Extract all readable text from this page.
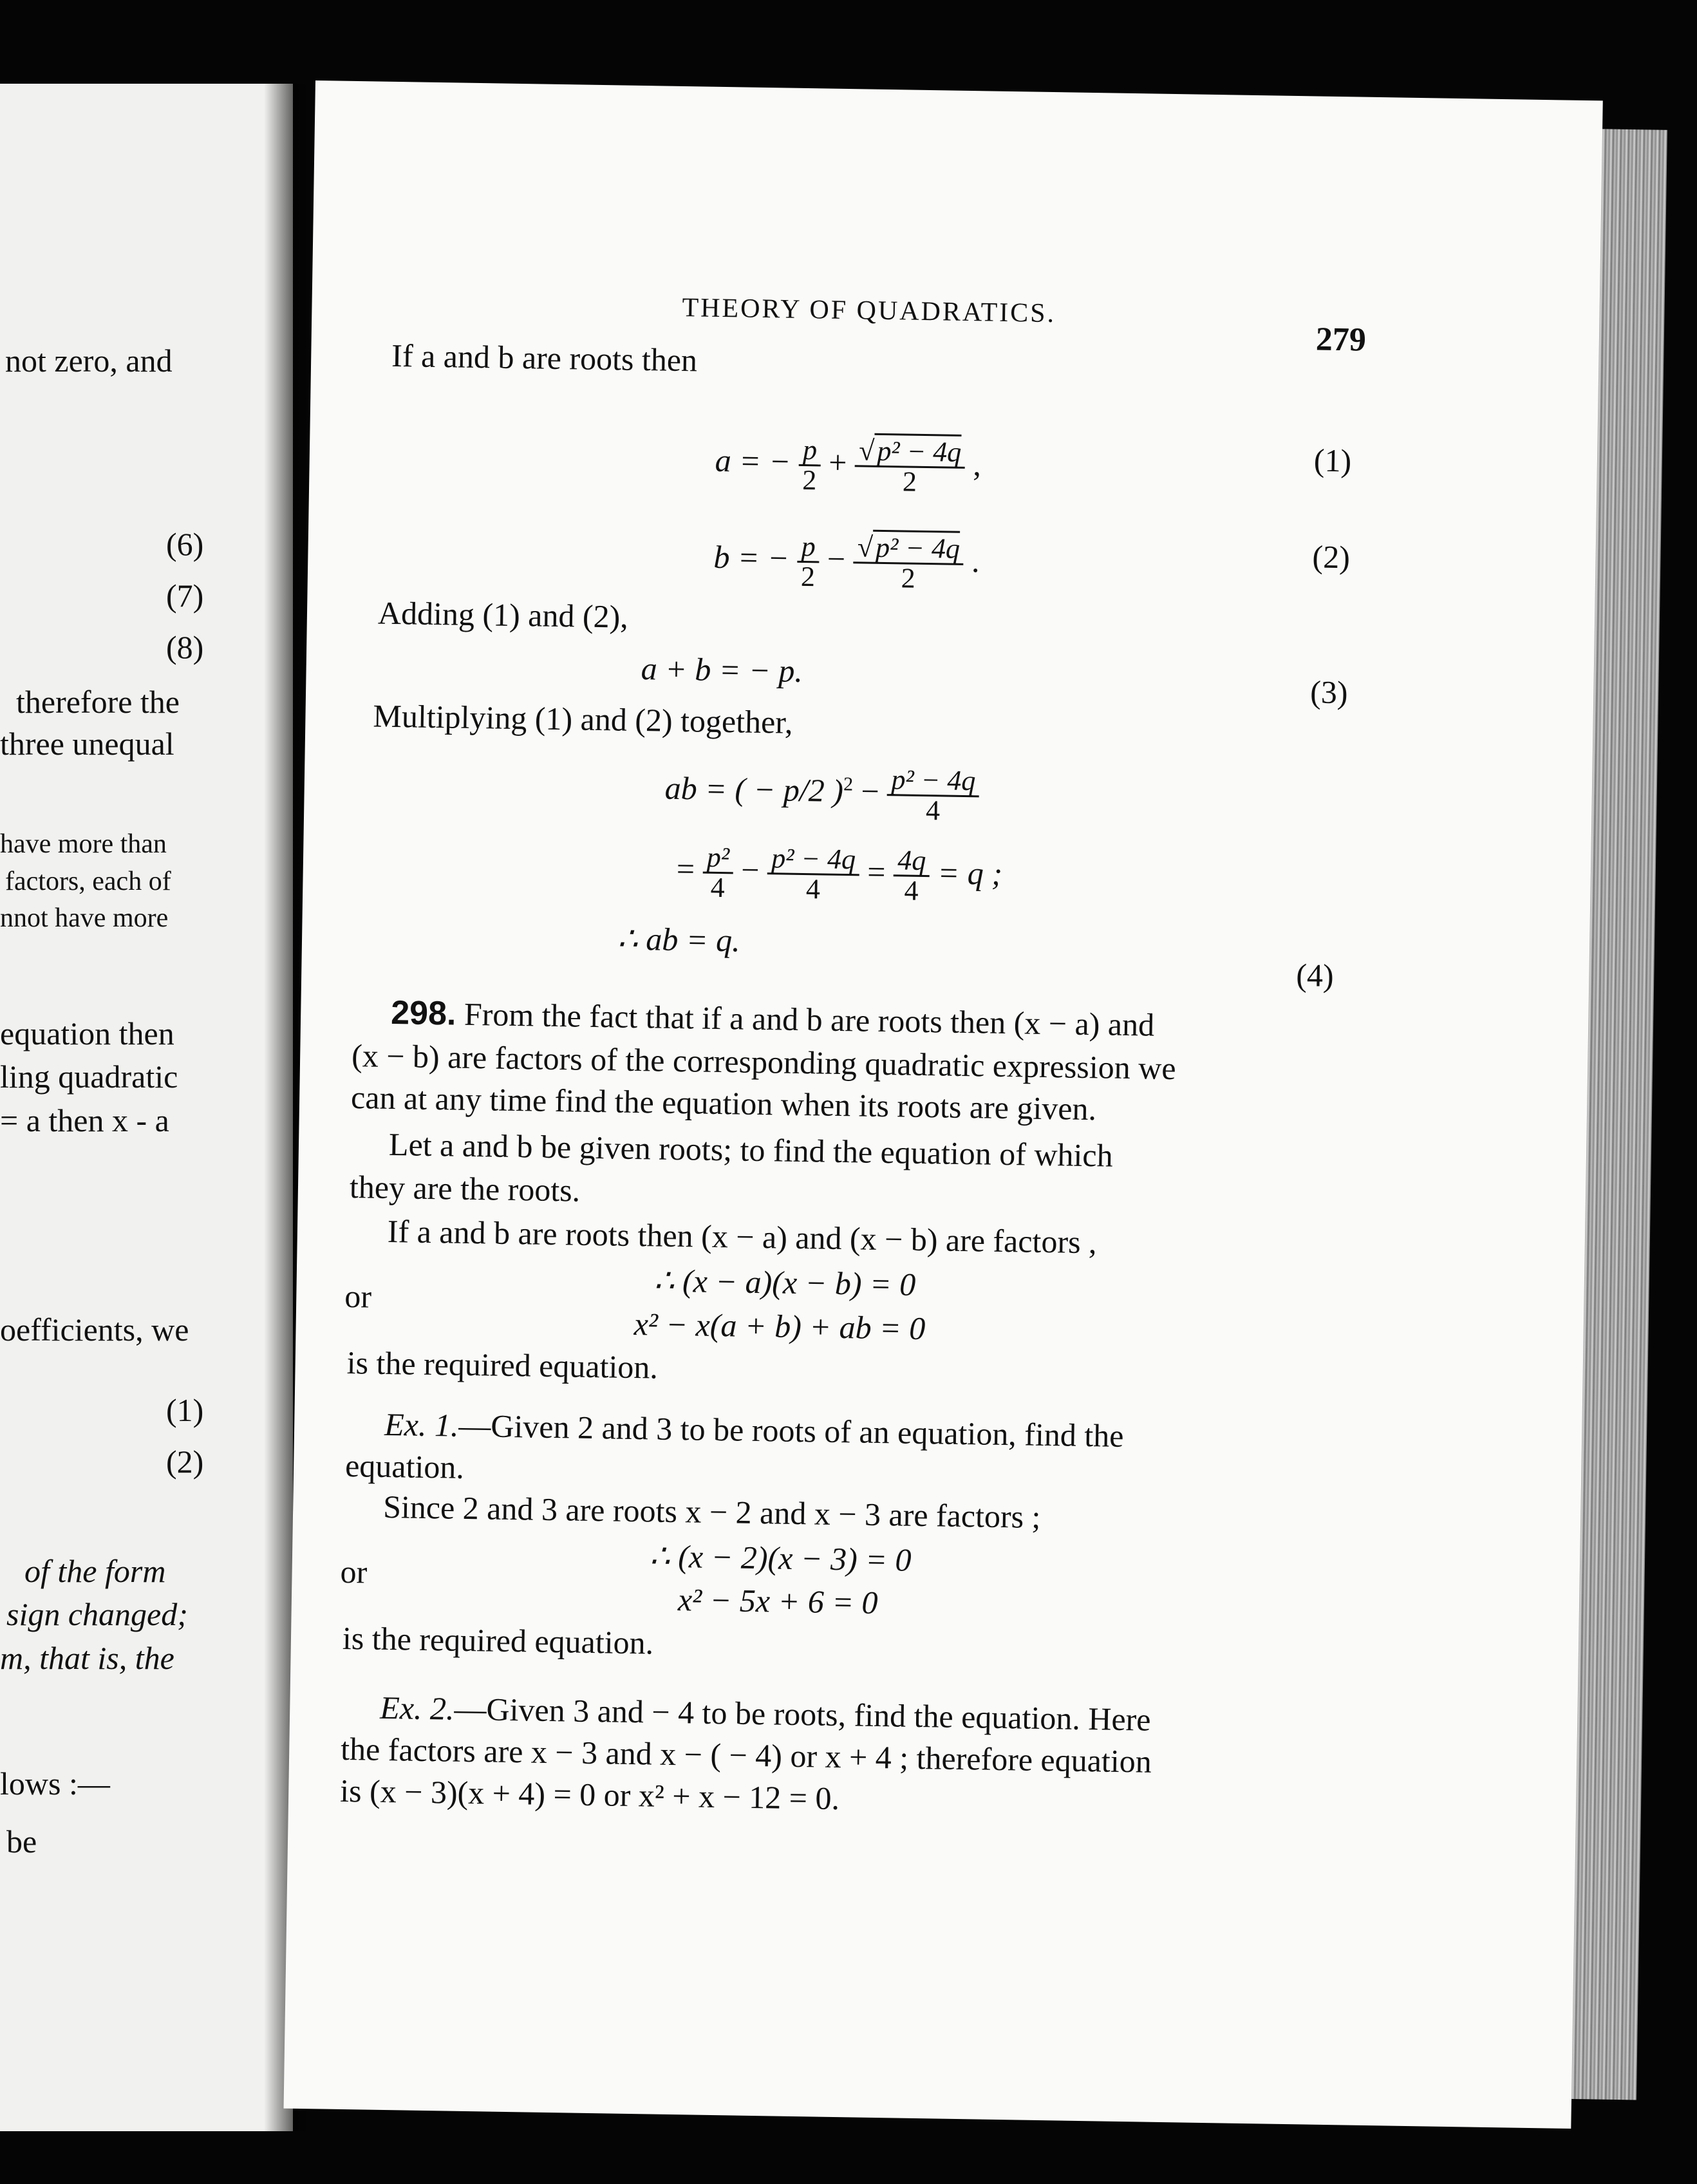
not zero, and
(6)
(7)
(8)
therefore the
three unequal
have more than
factors, each of
nnot have more
equation then
ling quadratic
= a then x - a
oefficients, we
(1)
(2)
of the form
sign changed;
m, that is, the
lows :—
be
THEORY OF QUADRATICS.
279
If a and b are roots then
a = − $\frac{p}{2} + \frac{\text{√p² − 4q}}{2}$ ,	(1)
b = − $\frac{p}{2} - \frac{\text{√p² − 4q}}{2}$ .	(2)
Adding (1) and (2),
a + b = − p.
(3)
Multiplying (1) and (2) together,
ab = ( − p/2 )$^2 - \frac{\text{p² − 4q}}{4}$
= $\frac{\text{p²}}{4} - \frac{\text{p² − 4q}}{4} = \frac{4q}{4} = q$ ;
∴ ab = q.
(4)
298. From the fact that if a and b are roots then (x − a) and
(x − b) are factors of the corresponding quadratic expression we
can at any time find the equation when its roots are given.
Let a and b be given roots; to find the equation of which
they are the roots.
If a and b are roots then (x − a) and (x − b) are factors ,
∴ (x − a)(x − b) = 0
or
x² − x(a + b) + ab = 0
is the required equation.
Ex. 1.—Given 2 and 3 to be roots of an equation, find the
equation.
Since 2 and 3 are roots x − 2 and x − 3 are factors ;
∴ (x − 2)(x − 3) = 0
or
x² − 5x + 6 = 0
is the required equation.
Ex. 2.—Given 3 and − 4 to be roots, find the equation. Here
the factors are x − 3 and x − ( − 4) or x + 4 ; therefore equation
is (x − 3)(x + 4) = 0 or x² + x − 12 = 0.
